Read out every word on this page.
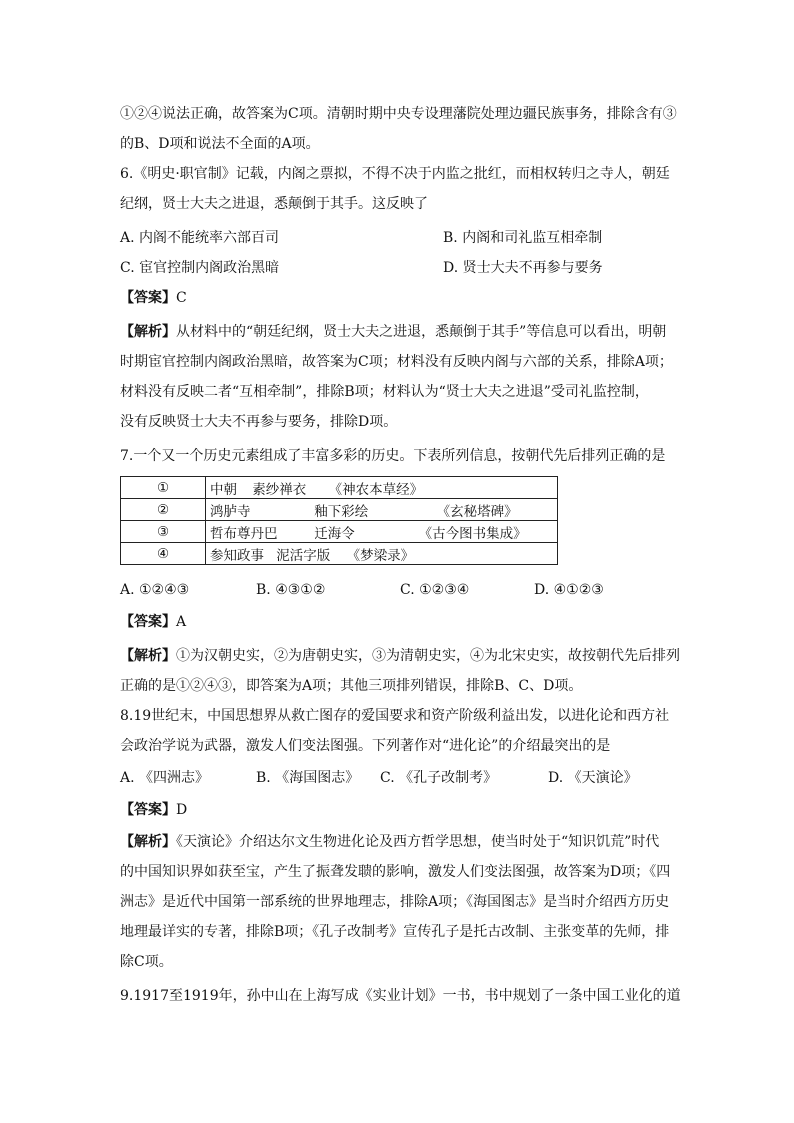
①②④说法正确，故答案为C项。清朝时期中央专设理藩院处理边疆民族事务，排除含有③
的B、D项和说法不全面的A项。
6.《明史·职官制》记载，内阁之票拟，不得不决于内监之批红，而相权转归之寺人，朝廷
纪纲，贤士大夫之进退，悉颠倒于其手。这反映了
A. 内阁不能统率六部百司	B. 内阁和司礼监互相牵制
C. 宦官控制内阁政治黑暗	D. 贤士大夫不再参与要务
【答案】C
【解析】从材料中的“朝廷纪纲，贤士大夫之进退，悉颠倒于其手”等信息可以看出，明朝
时期宦官控制内阁政治黑暗，故答案为C项；材料没有反映内阁与六部的关系，排除A项；
材料没有反映二者“互相牵制”，排除B项；材料认为“贤士大夫之进退”受司礼监控制，
没有反映贤士大夫不再参与要务，排除D项。
7.一个又一个历史元素组成了丰富多彩的历史。下表所列信息，按朝代先后排列正确的是
①	中朝 素纱禅衣 《神农本草经》
②	鸿胪寺 釉下彩绘 《玄秘塔碑》
③	哲布尊丹巴 迁海令 《古今图书集成》
④	参知政事 泥活字版 《梦梁录》
A. ①②④③	B. ④③①②	C. ①②③④	D. ④①②③
【答案】A
【解析】①为汉朝史实，②为唐朝史实，③为清朝史实，④为北宋史实，故按朝代先后排列
正确的是①②④③，即答案为A项；其他三项排列错误，排除B、C、D项。
8.19世纪末，中国思想界从救亡图存的爱国要求和资产阶级利益出发，以进化论和西方社
会政治学说为武器，激发人们变法图强。下列著作对“进化论”的介绍最突出的是
A. 《四洲志》	B. 《海国图志》 C. 《孔子改制考》	D. 《天演论》
【答案】D
【解析】《天演论》介绍达尔文生物进化论及西方哲学思想，使当时处于“知识饥荒”时代
的中国知识界如获至宝，产生了振聋发聩的影响，激发人们变法图强，故答案为D项；《四
洲志》是近代中国第一部系统的世界地理志，排除A项；《海国图志》是当时介绍西方历史
地理最详实的专著，排除B项；《孔子改制考》宣传孔子是托古改制、主张变革的先师，排
除C项。
9.1917至1919年，孙中山在上海写成《实业计划》一书，书中规划了一条中国工业化的道
